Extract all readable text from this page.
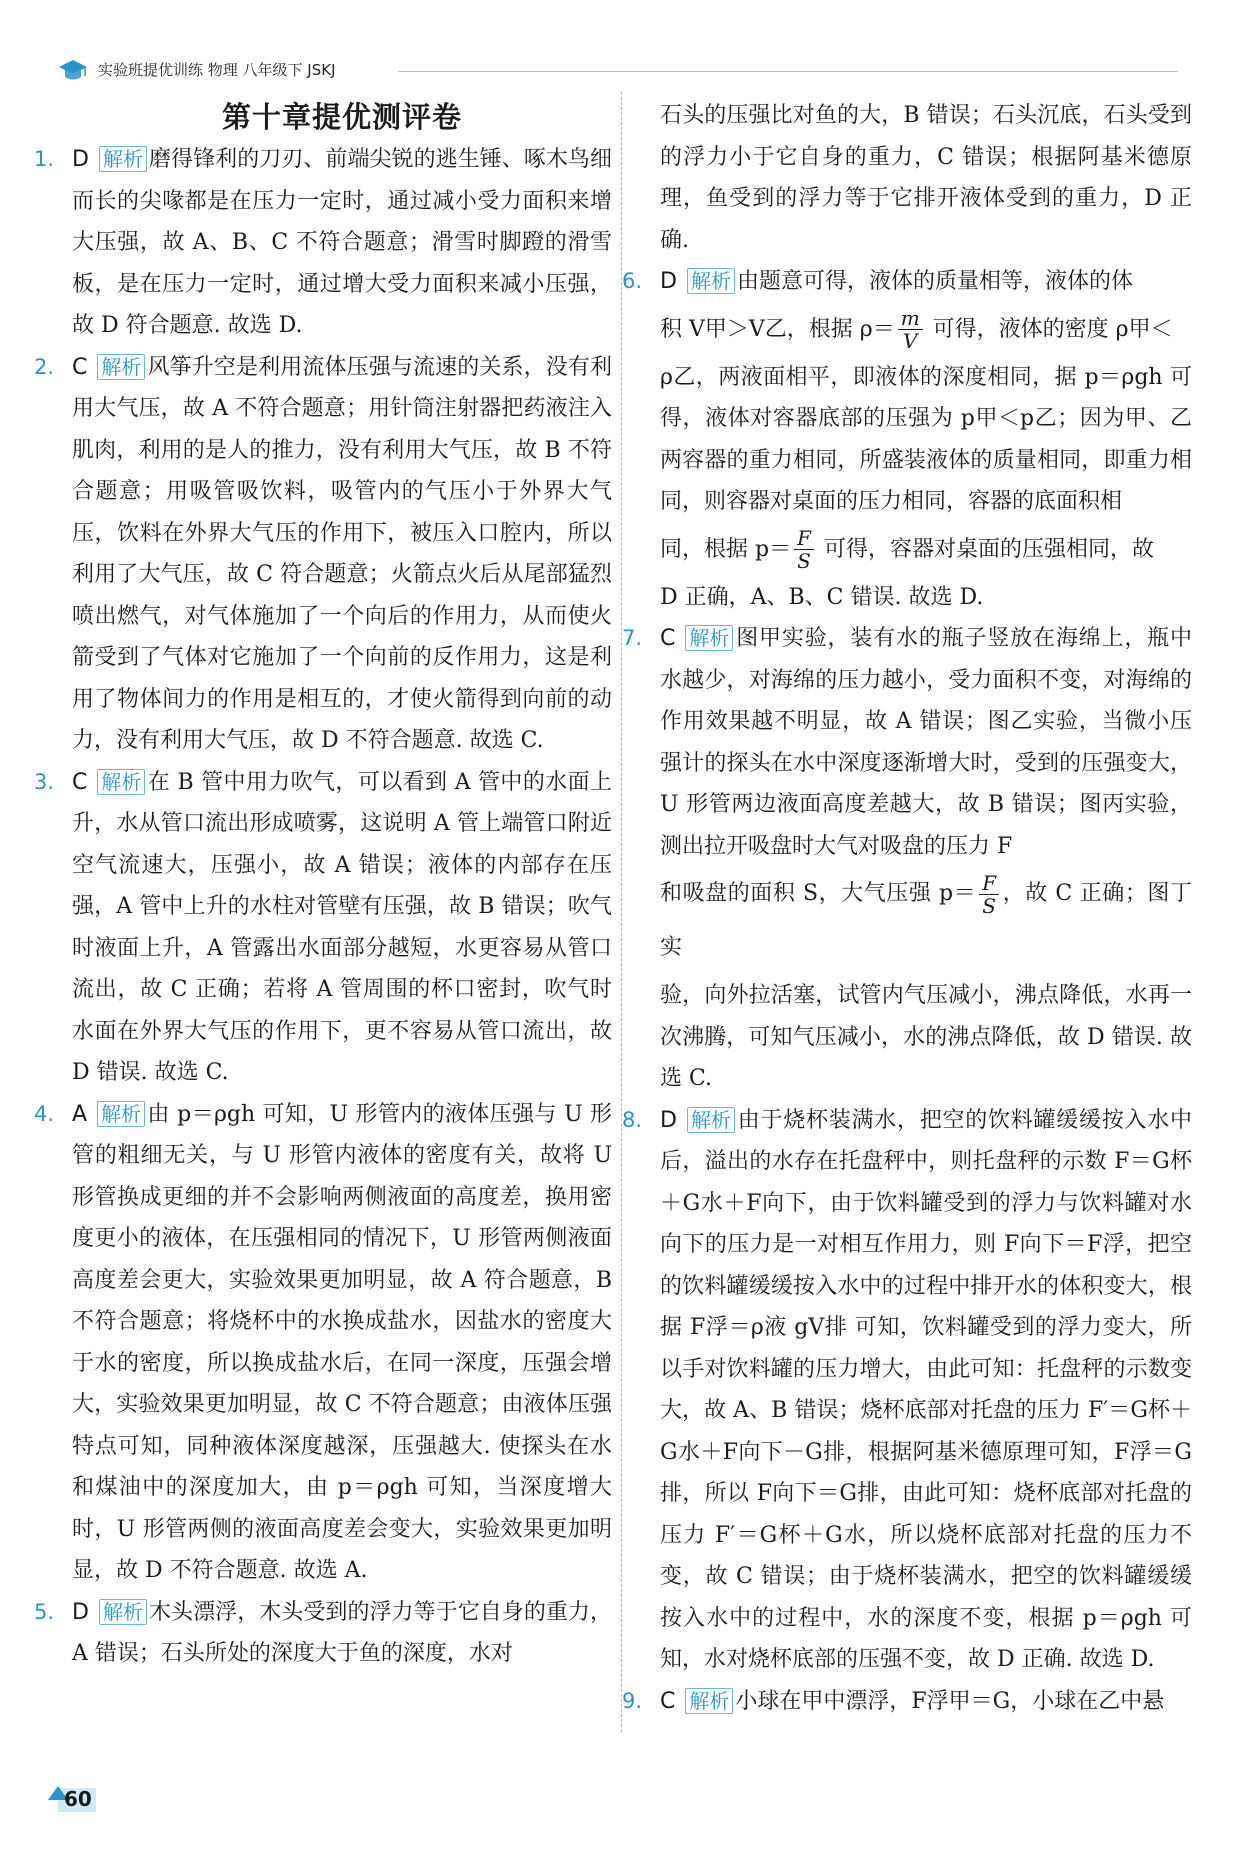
实验班提优训练 物理 八年级下 JSKJ
第十章提优测评卷
1. D 解析 磨得锋利的刀刃、前端尖锐的逃生锤、啄木鸟细而长的尖喙都是在压力一定时，通过减小受力面积来增大压强，故 A、B、C 不符合题意；滑雪时脚蹬的滑雪板，是在压力一定时，通过增大受力面积来减小压强，故 D 符合题意. 故选 D.
2. C 解析 风筝升空是利用流体压强与流速的关系，没有利用大气压，故 A 不符合题意；用针筒注射器把药液注入肌肉，利用的是人的推力，没有利用大气压，故 B 不符合题意；用吸管吸饮料，吸管内的气压小于外界大气压，饮料在外界大气压的作用下，被压入口腔内，所以利用了大气压，故 C 符合题意；火箭点火后从尾部猛烈喷出燃气，对气体施加了一个向后的作用力，从而使火箭受到了气体对它施加了一个向前的反作用力，这是利用了物体间力的作用是相互的，才使火箭得到向前的动力，没有利用大气压，故 D 不符合题意. 故选 C.
3. C 解析 在 B 管中用力吹气，可以看到 A 管中的水面上升，水从管口流出形成喷雾，这说明 A 管上端管口附近空气流速大，压强小，故 A 错误；液体的内部存在压强，A 管中上升的水柱对管壁有压强，故 B 错误；吹气时液面上升，A 管露出水面部分越短，水更容易从管口流出，故 C 正确；若将 A 管周围的杯口密封，吹气时水面在外界大气压的作用下，更不容易从管口流出，故 D 错误. 故选 C.
4. A 解析 由 p＝ρgh 可知，U 形管内的液体压强与 U 形管的粗细无关，与 U 形管内液体的密度有关，故将 U 形管换成更细的并不会影响两侧液面的高度差，换用密度更小的液体，在压强相同的情况下，U 形管两侧液面高度差会更大，实验效果更加明显，故 A 符合题意，B 不符合题意；将烧杯中的水换成盐水，因盐水的密度大于水的密度，所以换成盐水后，在同一深度，压强会增大，实验效果更加明显，故 C 不符合题意；由液体压强特点可知，同种液体深度越深，压强越大. 使探头在水和煤油中的深度加大，由 p＝ρgh 可知，当深度增大时，U 形管两侧的液面高度差会变大，实验效果更加明显，故 D 不符合题意. 故选 A.
5. D 解析 木头漂浮，木头受到的浮力等于它自身的重力，A 错误；石头所处的深度大于鱼的深度，水对
石头的压强比对鱼的大，B 错误；石头沉底，石头受到的浮力小于它自身的重力，C 错误；根据阿基米德原理，鱼受到的浮力等于它排开液体受到的重力，D 正确.
6. D 解析 由题意可得，液体的质量相等，液体的体
积 V甲＞V乙，根据 $\rho= \frac{m}{V}$ 可得，液体的密度 ρ甲＜
ρ乙，两液面相平，即液体的深度相同，据 p＝ρgh 可得，液体对容器底部的压强为 p甲＜p乙；因为甲、乙两容器的重力相同，所盛装液体的质量相同，即重力相同，则容器对桌面的压力相同，容器的底面积相
同，根据 $p= \frac{F}{S}$ 可得，容器对桌面的压强相同，故
D 正确，A、B、C 错误. 故选 D.
7. C 解析 图甲实验，装有水的瓶子竖放在海绵上，瓶中水越少，对海绵的压力越小，受力面积不变，对海绵的作用效果越不明显，故 A 错误；图乙实验，当微小压强计的探头在水中深度逐渐增大时，受到的压强变大，U 形管两边液面高度差越大，故 B 错误；图丙实验，测出拉开吸盘时大气对吸盘的压力 F
和吸盘的面积 S，大气压强 $p= \frac{F}{S}$ ，故 C 正确；图丁实
验，向外拉活塞，试管内气压减小，沸点降低，水再一次沸腾，可知气压减小，水的沸点降低，故 D 错误. 故选 C.
8. D 解析 由于烧杯装满水，把空的饮料罐缓缓按入水中后，溢出的水存在托盘秤中，则托盘秤的示数 F＝G杯＋G水＋F向下，由于饮料罐受到的浮力与饮料罐对水向下的压力是一对相互作用力，则 F向下＝F浮，把空的饮料罐缓缓按入水中的过程中排开水的体积变大，根据 F浮＝ρ液 gV排 可知，饮料罐受到的浮力变大，所以手对饮料罐的压力增大，由此可知：托盘秤的示数变大，故 A、B 错误；烧杯底部对托盘的压力 F′＝G杯＋G水＋F向下－G排，根据阿基米德原理可知，F浮＝G排，所以 F向下＝G排，由此可知：烧杯底部对托盘的压力 F′＝G杯＋G水，所以烧杯底部对托盘的压力不变，故 C 错误；由于烧杯装满水，把空的饮料罐缓缓按入水中的过程中，水的深度不变，根据 p＝ρgh 可知，水对烧杯底部的压强不变，故 D 正确. 故选 D.
9. C 解析 小球在甲中漂浮，F浮甲＝G，小球在乙中悬
60
